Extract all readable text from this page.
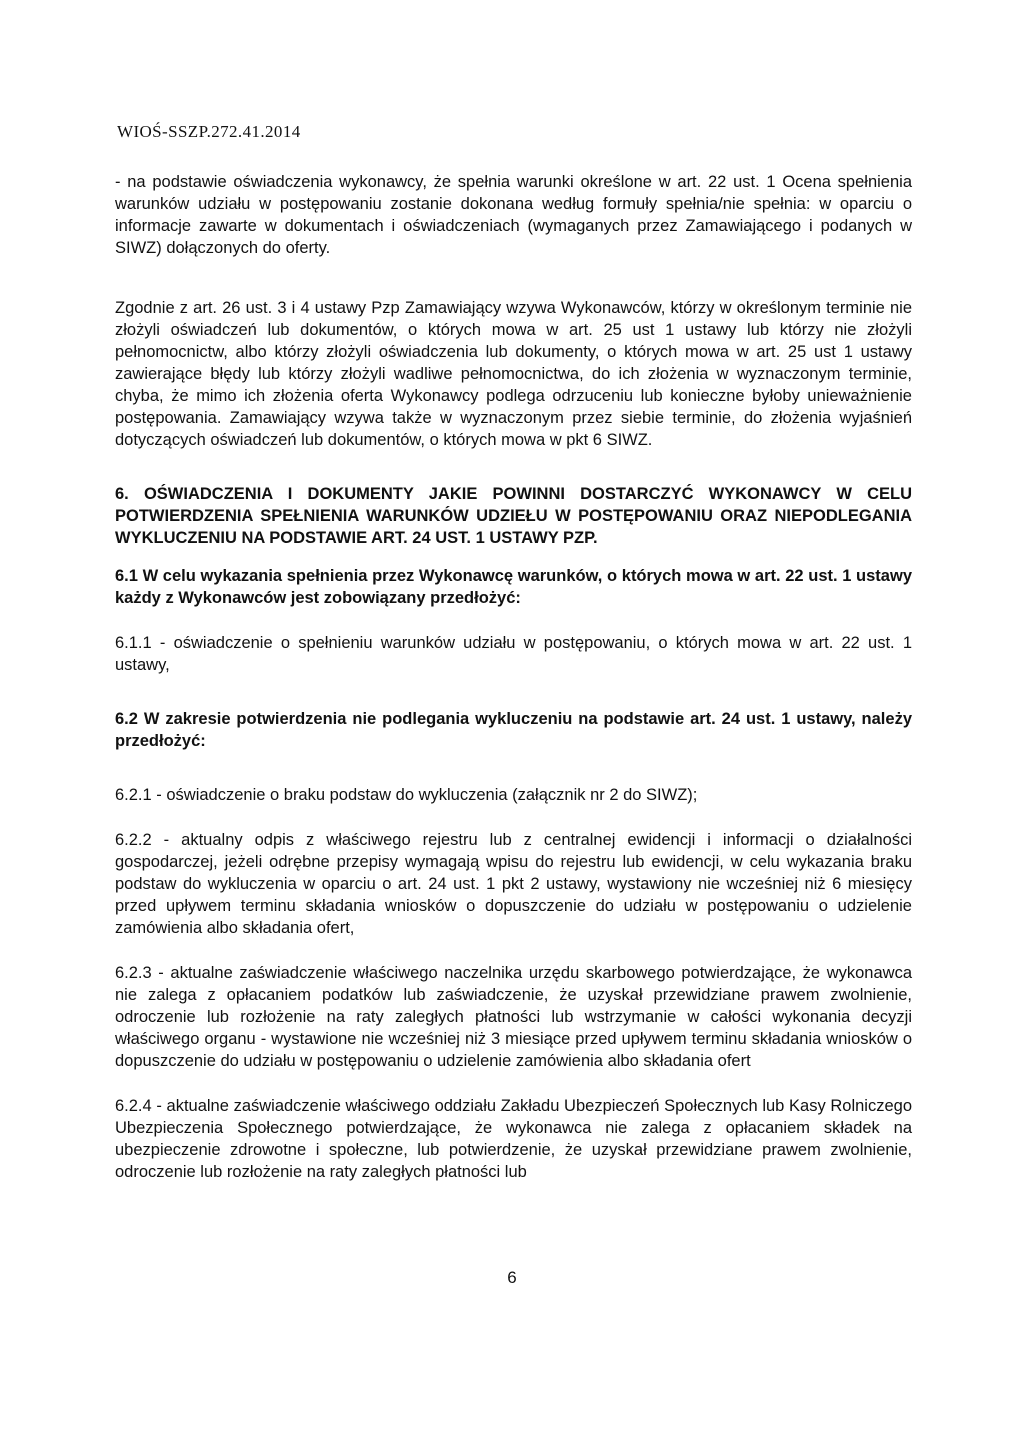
WIOŚ-SSZP.272.41.2014

- na podstawie oświadczenia wykonawcy, że spełnia warunki określone w art. 22 ust. 1 Ocena spełnienia warunków udziału w postępowaniu zostanie dokonana według formuły spełnia/nie spełnia: w oparciu o informacje zawarte w dokumentach i oświadczeniach (wymaganych przez Zamawiającego i podanych w SIWZ) dołączonych do oferty.

Zgodnie z art. 26 ust. 3 i 4 ustawy Pzp Zamawiający wzywa Wykonawców, którzy w określonym terminie nie złożyli oświadczeń lub dokumentów, o których mowa w art. 25 ust 1 ustawy lub którzy nie złożyli pełnomocnictw, albo którzy złożyli oświadczenia lub dokumenty, o których mowa w art. 25 ust 1 ustawy zawierające błędy lub którzy złożyli wadliwe pełnomocnictwa, do ich złożenia w wyznaczonym terminie, chyba, że mimo ich złożenia oferta Wykonawcy podlega odrzuceniu lub konieczne byłoby unieważnienie postępowania. Zamawiający wzywa także w wyznaczonym przez siebie terminie, do złożenia wyjaśnień dotyczących oświadczeń lub dokumentów, o których mowa w pkt 6 SIWZ.

6. OŚWIADCZENIA I DOKUMENTY JAKIE POWINNI DOSTARCZYĆ WYKONAWCY W CELU POTWIERDZENIA SPEŁNIENIA WARUNKÓW UDZIEŁU W POSTĘPOWANIU ORAZ NIEPODLEGANIA WYKLUCZENIU NA PODSTAWIE ART. 24 UST. 1 USTAWY PZP.

6.1 W celu wykazania spełnienia przez Wykonawcę warunków, o których mowa w art. 22 ust. 1 ustawy każdy z Wykonawców jest zobowiązany przedłożyć:

6.1.1 - oświadczenie o spełnieniu warunków udziału w postępowaniu, o których mowa w art. 22 ust. 1 ustawy,

6.2 W zakresie potwierdzenia nie podlegania wykluczeniu na podstawie art. 24 ust. 1 ustawy, należy przedłożyć:

6.2.1 - oświadczenie o braku podstaw do wykluczenia (załącznik nr 2 do SIWZ);

6.2.2 - aktualny odpis z właściwego rejestru lub z centralnej ewidencji i informacji o działalności gospodarczej, jeżeli odrębne przepisy wymagają wpisu do rejestru lub ewidencji, w celu wykazania braku podstaw do wykluczenia w oparciu o art. 24 ust. 1 pkt 2 ustawy, wystawiony nie wcześniej niż 6 miesięcy przed upływem terminu składania wniosków o dopuszczenie do udziału w postępowaniu o udzielenie zamówienia albo składania ofert,

6.2.3 - aktualne zaświadczenie właściwego naczelnika urzędu skarbowego potwierdzające, że wykonawca nie zalega z opłacaniem podatków lub zaświadczenie, że uzyskał przewidziane prawem zwolnienie, odroczenie lub rozłożenie na raty zaległych płatności lub wstrzymanie w całości wykonania decyzji właściwego organu - wystawione nie wcześniej niż 3 miesiące przed upływem terminu składania wniosków o dopuszczenie do udziału w postępowaniu o udzielenie zamówienia albo składania ofert

6.2.4 - aktualne zaświadczenie właściwego oddziału Zakładu Ubezpieczeń Społecznych lub Kasy Rolniczego Ubezpieczenia Społecznego potwierdzające, że wykonawca nie zalega z opłacaniem składek na ubezpieczenie zdrowotne i społeczne, lub potwierdzenie, że uzyskał przewidziane prawem zwolnienie, odroczenie lub rozłożenie na raty zaległych płatności lub

6
